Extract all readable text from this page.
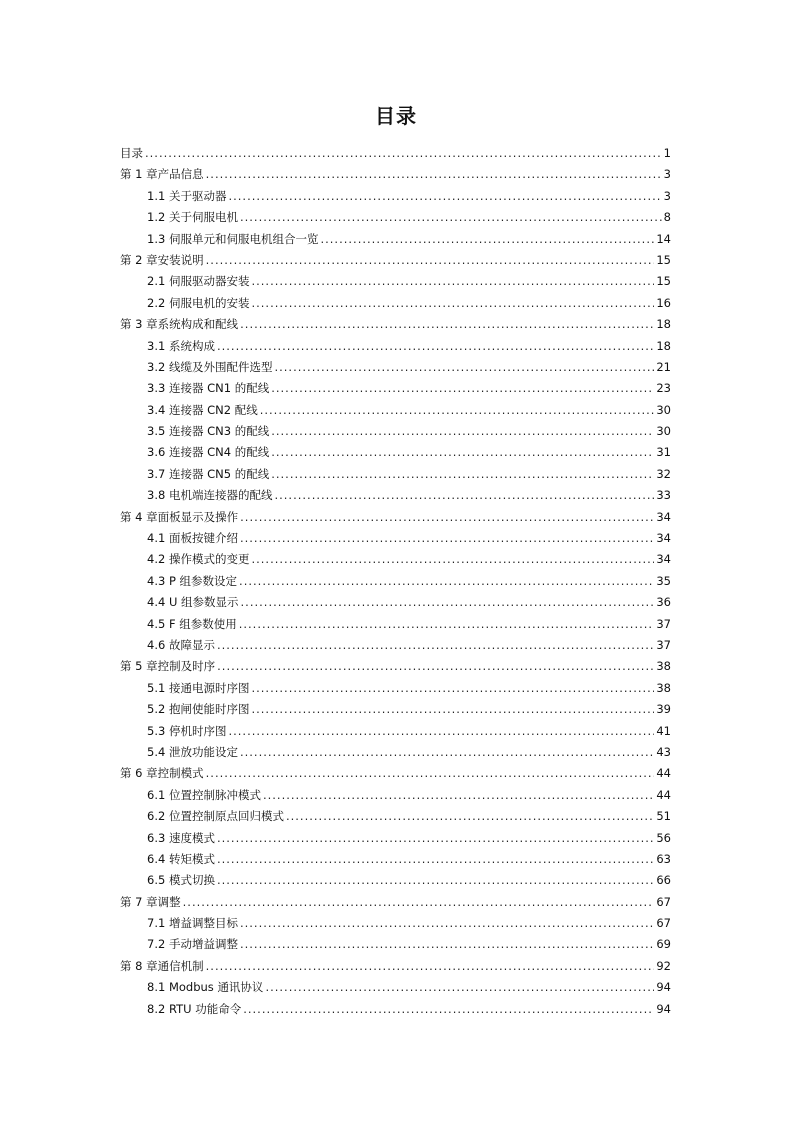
目录
目录 .....	1
第 1 章产品信息 .....	3
1.1 关于驱动器 .....	3
1.2 关于伺服电机 .....	8
1.3 伺服单元和伺服电机组合一览 .....	14
第 2 章安装说明 .....	15
2.1 伺服驱动器安装 .....	15
2.2 伺服电机的安装 .....	16
第 3 章系统构成和配线 .....	18
3.1 系统构成 .....	18
3.2 线缆及外围配件选型 .....	21
3.3 连接器 CN1 的配线 .....	23
3.4 连接器 CN2 配线 .....	30
3.5 连接器 CN3 的配线 .....	30
3.6 连接器 CN4 的配线 .....	31
3.7 连接器 CN5 的配线 .....	32
3.8 电机端连接器的配线 .....	33
第 4 章面板显示及操作 .....	34
4.1 面板按键介绍 .....	34
4.2 操作模式的变更 .....	34
4.3 P 组参数设定 .....	35
4.4 U 组参数显示 .....	36
4.5 F 组参数使用 .....	37
4.6 故障显示 .....	37
第 5 章控制及时序 .....	38
5.1 接通电源时序图 .....	38
5.2 抱闸使能时序图 .....	39
5.3 停机时序图 .....	41
5.4 泄放功能设定 .....	43
第 6 章控制模式 .....	44
6.1 位置控制脉冲模式 .....	44
6.2 位置控制原点回归模式 .....	51
6.3 速度模式 .....	56
6.4 转矩模式 .....	63
6.5 模式切换 .....	66
第 7 章调整 .....	67
7.1 增益调整目标 .....	67
7.2 手动增益调整 .....	69
第 8 章通信机制 .....	92
8.1 Modbus 通讯协议 .....	94
8.2 RTU 功能命令 .....	94
